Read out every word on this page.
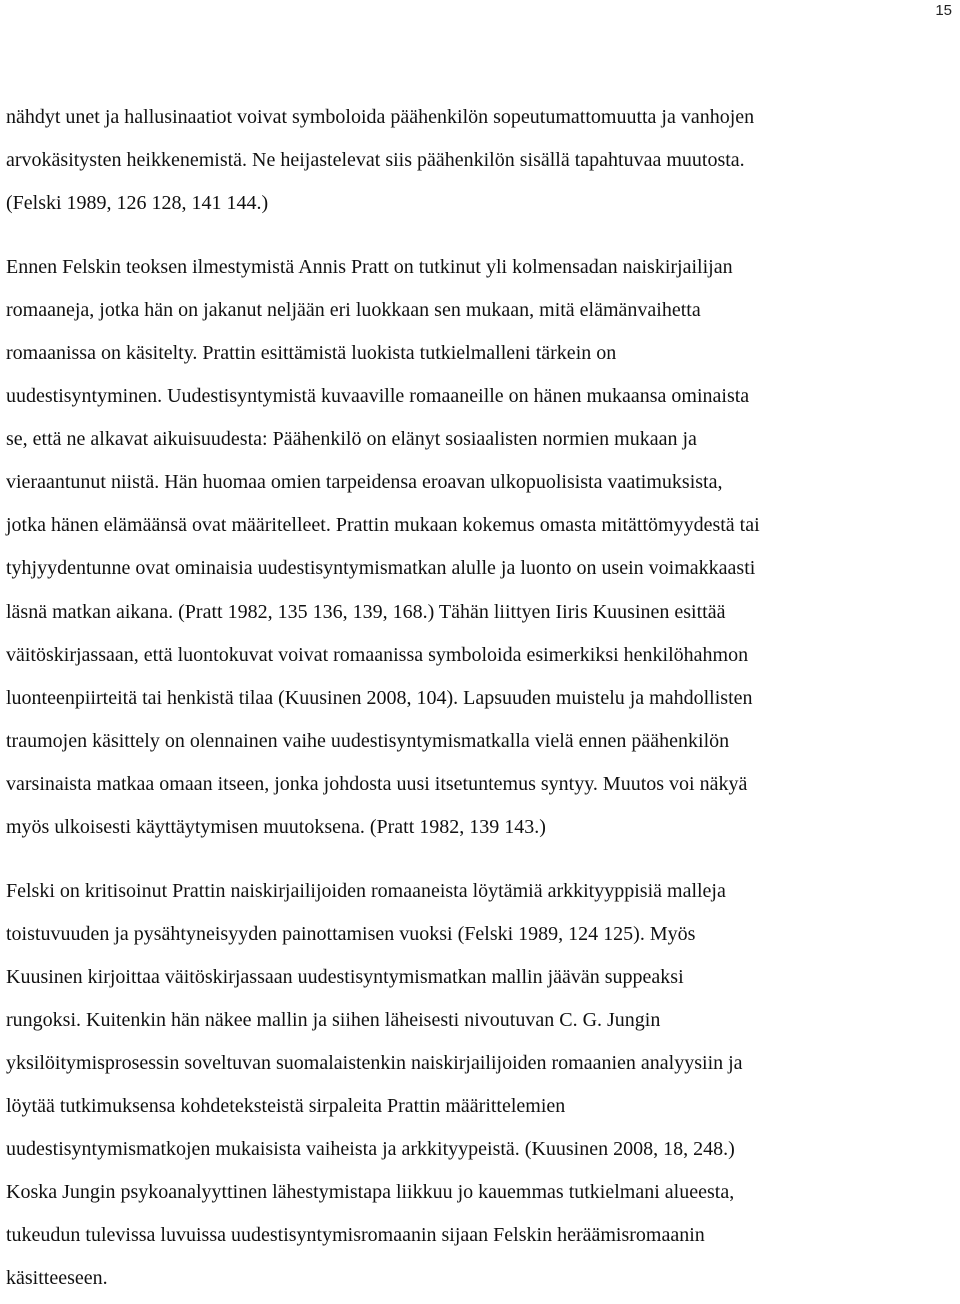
15

nähdyt unet ja hallusinaatiot voivat symboloida päähenkilön sopeutumattomuutta ja vanhojen
arvokäsitysten heikkenemistä. Ne heijastelevat siis päähenkilön sisällä tapahtuvaa muutosta.
(Felski 1989, 126 128, 141 144.)

Ennen Felskin teoksen ilmestymistä Annis Pratt on tutkinut yli kolmensadan naiskirjailijan
romaaneja, jotka hän on jakanut neljään eri luokkaan sen mukaan, mitä elämänvaihetta
romaanissa on käsitelty. Prattin esittämistä luokista tutkielmalleni tärkein on
uudestisyntyminen. Uudestisyntymistä kuvaaville romaaneille on hänen mukaansa ominaista
se, että ne alkavat aikuisuudesta: Päähenkilö on elänyt sosiaalisten normien mukaan ja
vieraantunut niistä. Hän huomaa omien tarpeidensa eroavan ulkopuolisista vaatimuksista,
jotka hänen elämäänsä ovat määritelleet. Prattin mukaan kokemus omasta mitättömyydestä tai
tyhjyydentunne ovat ominaisia uudestisyntymismatkan alulle ja luonto on usein voimakkaasti
läsnä matkan aikana. (Pratt 1982, 135 136, 139, 168.) Tähän liittyen Iiris Kuusinen esittää
väitöskirjassaan, että luontokuvat voivat romaanissa symboloida esimerkiksi henkilöhahmon
luonteenpiirteitä tai henkistä tilaa (Kuusinen 2008, 104). Lapsuuden muistelu ja mahdollisten
traumojen käsittely on olennainen vaihe uudestisyntymismatkalla vielä ennen päähenkilön
varsinaista matkaa omaan itseen, jonka johdosta uusi itsetuntemus syntyy. Muutos voi näkyä
myös ulkoisesti käyttäytymisen muutoksena. (Pratt 1982, 139 143.)

Felski on kritisoinut Prattin naiskirjailijoiden romaaneista löytämiä arkkityyppisiä malleja
toistuvuuden ja pysähtyneisyyden painottamisen vuoksi (Felski 1989, 124 125). Myös
Kuusinen kirjoittaa väitöskirjassaan uudestisyntymismatkan mallin jäävän suppeaksi
rungoksi. Kuitenkin hän näkee mallin ja siihen läheisesti nivoutuvan C. G. Jungin
yksilöitymisprosessin soveltuvan suomalaistenkin naiskirjailijoiden romaanien analyysiin ja
löytää tutkimuksensa kohdeteksteistä sirpaleita Prattin määrittelemien
uudestisyntymismatkojen mukaisista vaiheista ja arkkityypeistä. (Kuusinen 2008, 18, 248.)
Koska Jungin psykoanalyyttinen lähestymistapa liikkuu jo kauemmas tutkielmani alueesta,
tukeudun tulevissa luvuissa uudestisyntymisromaanin sijaan Felskin heräämisromaanin
käsitteeseen.
